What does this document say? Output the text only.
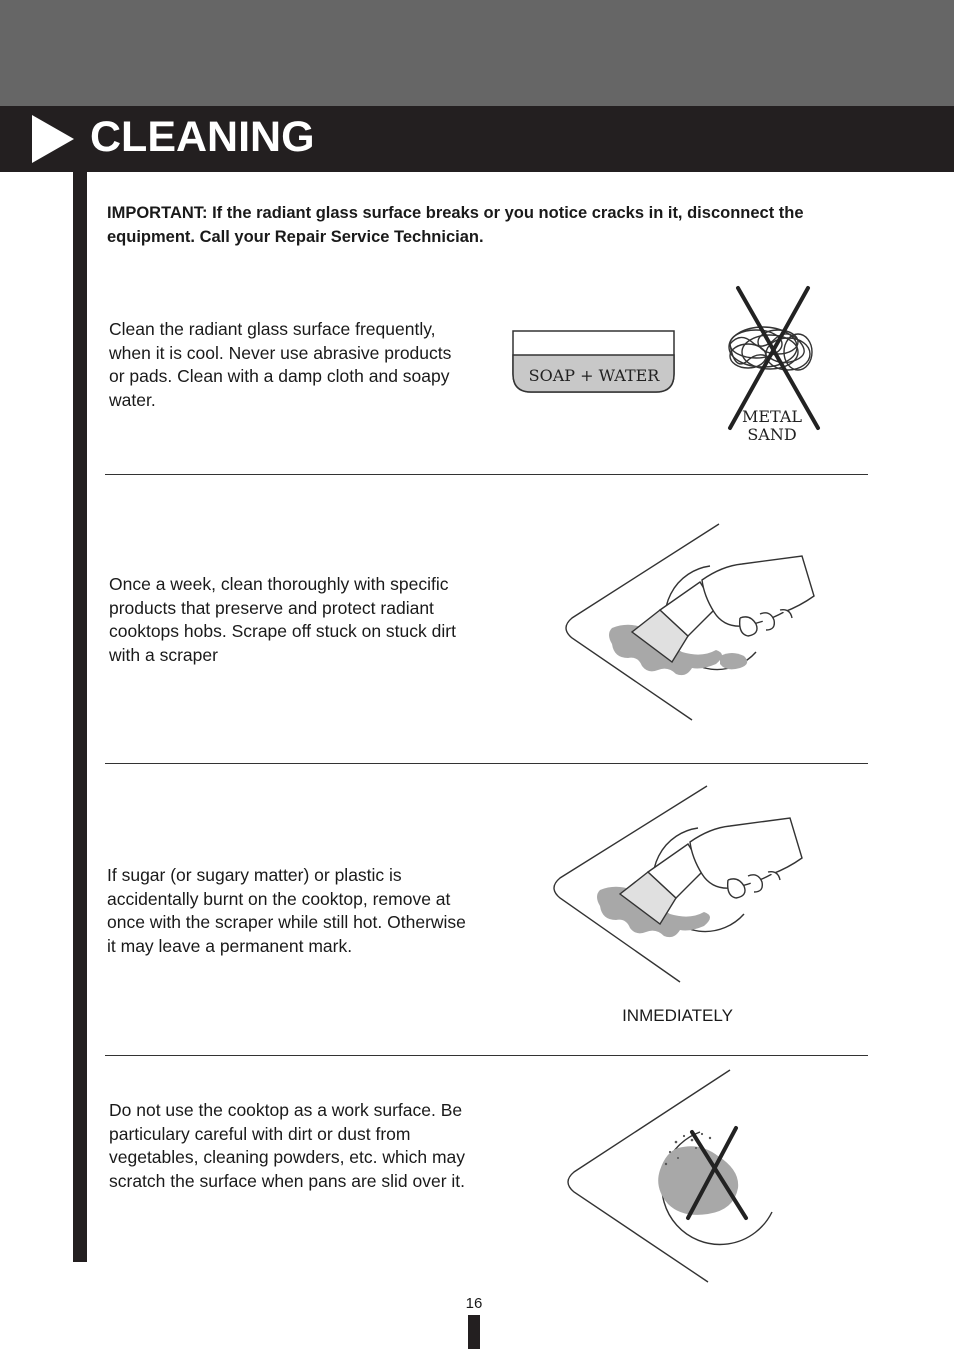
CLEANING
IMPORTANT: If the radiant glass surface breaks or you notice cracks in it, disconnect the equipment. Call your Repair Service Technician.
Clean the radiant glass surface frequently, when it is cool. Never use abrasive products or pads. Clean with a damp cloth and soapy water.
SOAP + WATER
METAL
SAND
Once a week, clean thoroughly with specific products that preserve and protect radiant cooktops hobs. Scrape off stuck on stuck dirt with a scraper
If sugar (or sugary matter) or plastic is accidentally burnt on the cooktop, remove at once with the scraper while still hot. Otherwise it may leave a permanent mark.
INMEDIATELY
Do not use the cooktop as a work surface. Be particulary careful with dirt or dust from vegetables, cleaning powders, etc. which may scratch the surface when pans are slid over it.
16
